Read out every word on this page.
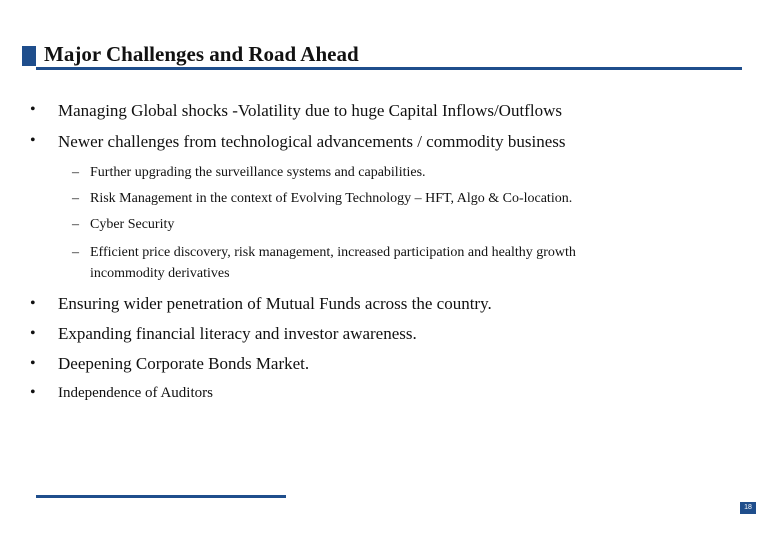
Major Challenges and Road Ahead
• Managing Global shocks -Volatility due to huge Capital Inflows/Outflows
• Newer challenges from technological advancements / commodity business
– Further upgrading the surveillance systems and capabilities.
– Risk Management in the context of Evolving Technology – HFT, Algo & Co-location.
– Cyber Security
– Efficient price discovery, risk management, increased participation and healthy growth
incommodity derivatives
• Ensuring wider penetration of Mutual Funds across the country.
• Expanding financial literacy and investor awareness.
• Deepening Corporate Bonds Market.
• Independence of Auditors
18
